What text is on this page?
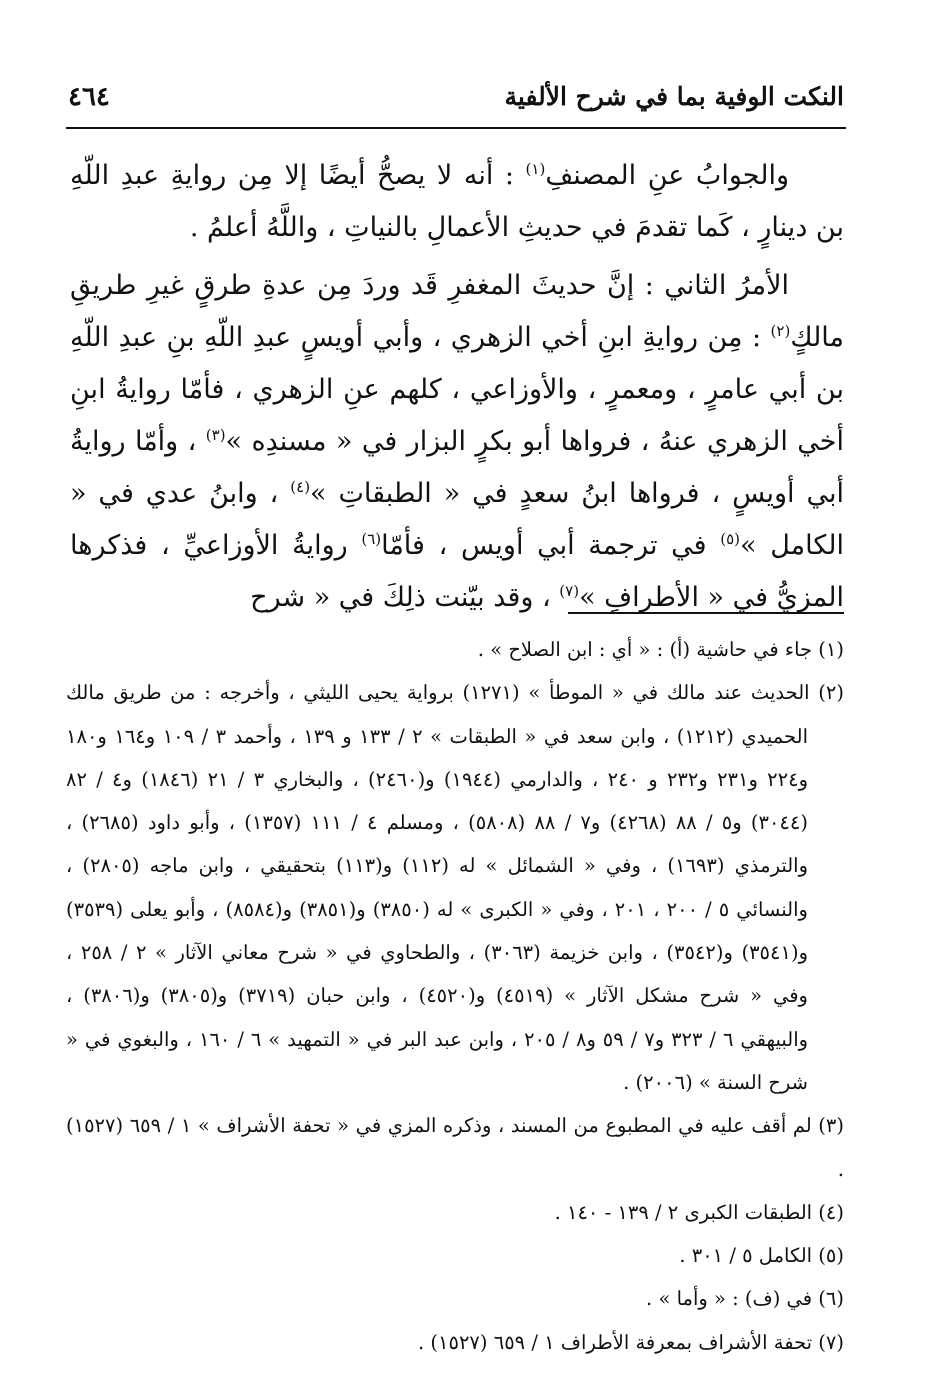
النكت الوفية بما في شرح الألفية
٤٦٤

والجوابُ عنِ المصنفِ$^{(١)}$ : أنه لا يصحُّ أيضًا إلا مِن روايةِ عبدِ اللّهِ بن دينارٍ ، كَما تقدمَ في حديثِ الأعمالِ بالنياتِ ، واللَّهُ أعلمُ .

الأمرُ الثاني : إنَّ حديثَ المغفرِ قَد وردَ مِن عدةِ طرقٍ غيرِ طريقِ مالكٍ$^{(٢)}$ : مِن روايةِ ابنِ أخي الزهري ، وأبي أويسٍ عبدِ اللّهِ بنِ عبدِ اللّهِ بن أبي عامرٍ ، ومعمرٍ ، والأوزاعي ، كلهم عنِ الزهري ، فأمّا روايةُ ابنِ أخي الزهري عنهُ ، فرواها أبو بكرٍ البزار في « مسندِه »$^{(٣)}$ ، وأمّا روايةُ أبي أويسٍ ، فرواها ابنُ سعدٍ في « الطبقاتِ »$^{(٤)}$ ، وابنُ عدي في « الكامل »$^{(٥)}$ في ترجمة أبي أويس ، فأمّا$^{(٦)}$ روايةُ الأوزاعيِّ ، فذكرها المزيُّ في « الأطرافِ »$^{(٧)}$ ، وقد بيّنت ذلِكَ في « شرح

(١) جاء في حاشية (أ) : « أي : ابن الصلاح » .
(٢) الحديث عند مالك في « الموطأ » (١٢٧١) برواية يحيى الليثي ، وأخرجه : من طريق مالك الحميدي (١٢١٢) ، وابن سعد في « الطبقات » ٢ / ١٣٣ و ١٣٩ ، وأحمد ٣ / ١٠٩ و١٦٤ و١٨٠ و٢٢٤ و٢٣١ و٢٣٢ و ٢٤٠ ، والدارمي (١٩٤٤) و(٢٤٦٠) ، والبخاري ٣ / ٢١ (١٨٤٦) و٤ / ٨٢ (٣٠٤٤) و٥ / ٨٨ (٤٢٦٨) و٧ / ٨٨ (٥٨٠٨) ، ومسلم ٤ / ١١١ (١٣٥٧) ، وأبو داود (٢٦٨٥) ، والترمذي (١٦٩٣) ، وفي « الشمائل » له (١١٢) و(١١٣) بتحقيقي ، وابن ماجه (٢٨٠٥) ، والنسائي ٥ / ٢٠٠ ، ٢٠١ ، وفي « الكبرى » له (٣٨٥٠) و(٣٨٥١) و(٨٥٨٤) ، وأبو يعلى (٣٥٣٩) و(٣٥٤١) و(٣٥٤٢) ، وابن خزيمة (٣٠٦٣) ، والطحاوي في « شرح معاني الآثار » ٢ / ٢٥٨ ، وفي « شرح مشكل الآثار » (٤٥١٩) و(٤٥٢٠) ، وابن حبان (٣٧١٩) و(٣٨٠٥) و(٣٨٠٦) ، والبيهقي ٦ / ٣٢٣ و٧ / ٥٩ و٨ / ٢٠٥ ، وابن عبد البر في « التمهيد » ٦ / ١٦٠ ، والبغوي في « شرح السنة » (٢٠٠٦) .
(٣) لم أقف عليه في المطبوع من المسند ، وذكره المزي في « تحفة الأشراف » ١ / ٦٥٩ (١٥٢٧) .
(٤) الطبقات الكبرى ٢ / ١٣٩ - ١٤٠ .
(٥) الكامل ٥ / ٣٠١ .
(٦) في (ف) : « وأما » .
(٧) تحفة الأشراف بمعرفة الأطراف ١ / ٦٥٩ (١٥٢٧) .
